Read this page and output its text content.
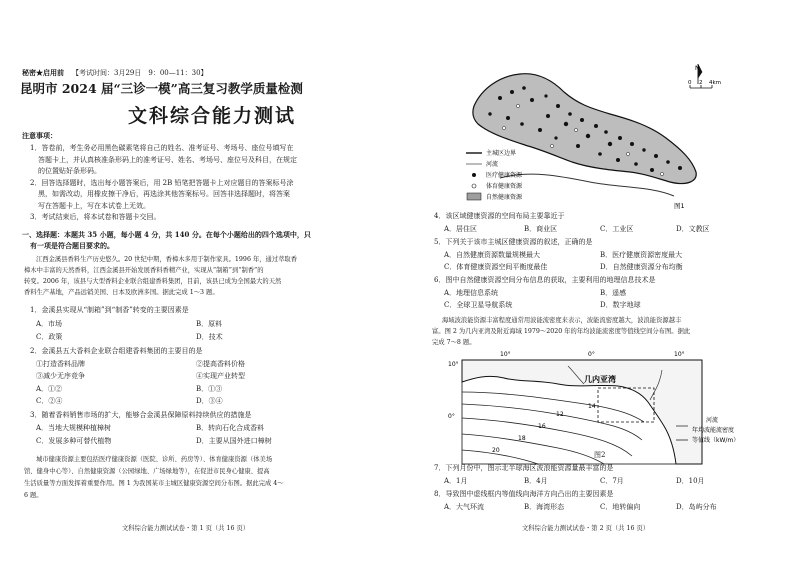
秘密★启用前 【考试时间：3月29日　9：00—11：30】
昆明市 2024 届“三诊一模”高三复习教学质量检测
文科综合能力测试
注意事项：
1．答卷前，考生务必用黑色碳素笔将自己的姓名、准考证号、考场号、座位号填写在
答题卡上，并认真核准条形码上的准考证号、姓名、考场号、座位号及科目，在规定
的位置贴好条形码。
2．回答选择题时，选出每小题答案后，用 2B 铅笔把答题卡上对应题目的答案标号涂
黑，如需改动，用橡皮擦干净后，再选涂其他答案标号。回答非选择题时，将答案
写在答题卡上，写在本试卷上无效。
3．考试结束后，将本试卷和答题卡交回。
一、选择题：本题共 35 小题，每小题 4 分，共 140 分。在每个小题给出的四个选项中，只
有一项是符合题目要求的。
江西金溪县香料生产历史悠久。20 世纪中期，香樟木多用于制作家具。1996 年，通过萃取香
樟木中丰富的天然香料，江西金溪县开始发展香料香精产业，实现从“制箱”到“制香”的
转变。2006 年，该县与大型香料企业联合组建香料集团，目前，该县已成为全国最大的天然
香料生产基地，产品远销美国、日本及欧洲多国。据此完成 1～3 题。
1．金溪县实现从“制箱”到“制香”转变的主要因素是
A．市场	B．原料
C．政策	D．技术
2．金溪县五大香料企业联合组建香料集团的主要目的是
①打造香料品牌	②提高香料价格
③减少无序竞争	④实现产业转型
A．①②	B．①③
C．②④	D．③④
3．随着香料销售市场的扩大，能够合金溪县保障原料持续供应的措施是
A．当地大规模种植樟树	B．转向石化合成香料
C．发展多种可替代植物	D．主要从国外进口樟树
城市健康资源主要包括医疗健康资源（医院、诊所、药房等）、体育健康资源（体美场
馆、健身中心等）、自然健康资源（公园绿地、广场绿地等），在促进市民身心健康、提高
生活质量等方面发挥着重要作用。图 1 为我国某市主城区健康资源空间分布图。据此完成 4～
6 题。
文科综合能力测试试卷・第 1 页（共 16 页）
N
0 2 4km
主城区边界
河流
医疗健康资源
体育健康资源
自然健康资源
图1
4．该区域健康资源的空间布局主要靠近于
A．居住区	B．商业区	C．工业区	D．文教区
5．下列关于该市主城区健康资源的叙述，正确的是
A．自然健康资源数量规模最大	B．医疗健康资源密度最大
C．体育健康资源空间平衡度最佳	D．自然健康资源分布均衡
6．图中自然健康资源空间分布信息的获取，主要利用的地理信息技术是
A．地理信息系统	B．遥感
C．全球卫星导航系统	D．数字地球
海域波浪能资源丰富程度通常用波能流密度来表示，波能流密度越大，波浪能资源越丰
富。图 2 为几内亚湾及附近海域 1979～2020 年的年均波能流密度等值线空间分布图。据此
完成 7～8 题。
10°	0°	10°
10°
0°
几内亚湾
14
12
16
18
20
河流
年均波能流密度
等值线（kW/m）
图2
7．下列月份中，图示北半球海区波浪能资源量最丰富的是
A．1月	B．4月	C．7月	D．10月
8．导致图中虚线框内等值线向海洋方向凸出的主要因素是
A．大气环流	B．海湾形态	C．地转偏向	D．岛屿分布
文科综合能力测试试卷・第 2 页（共 16 页）
